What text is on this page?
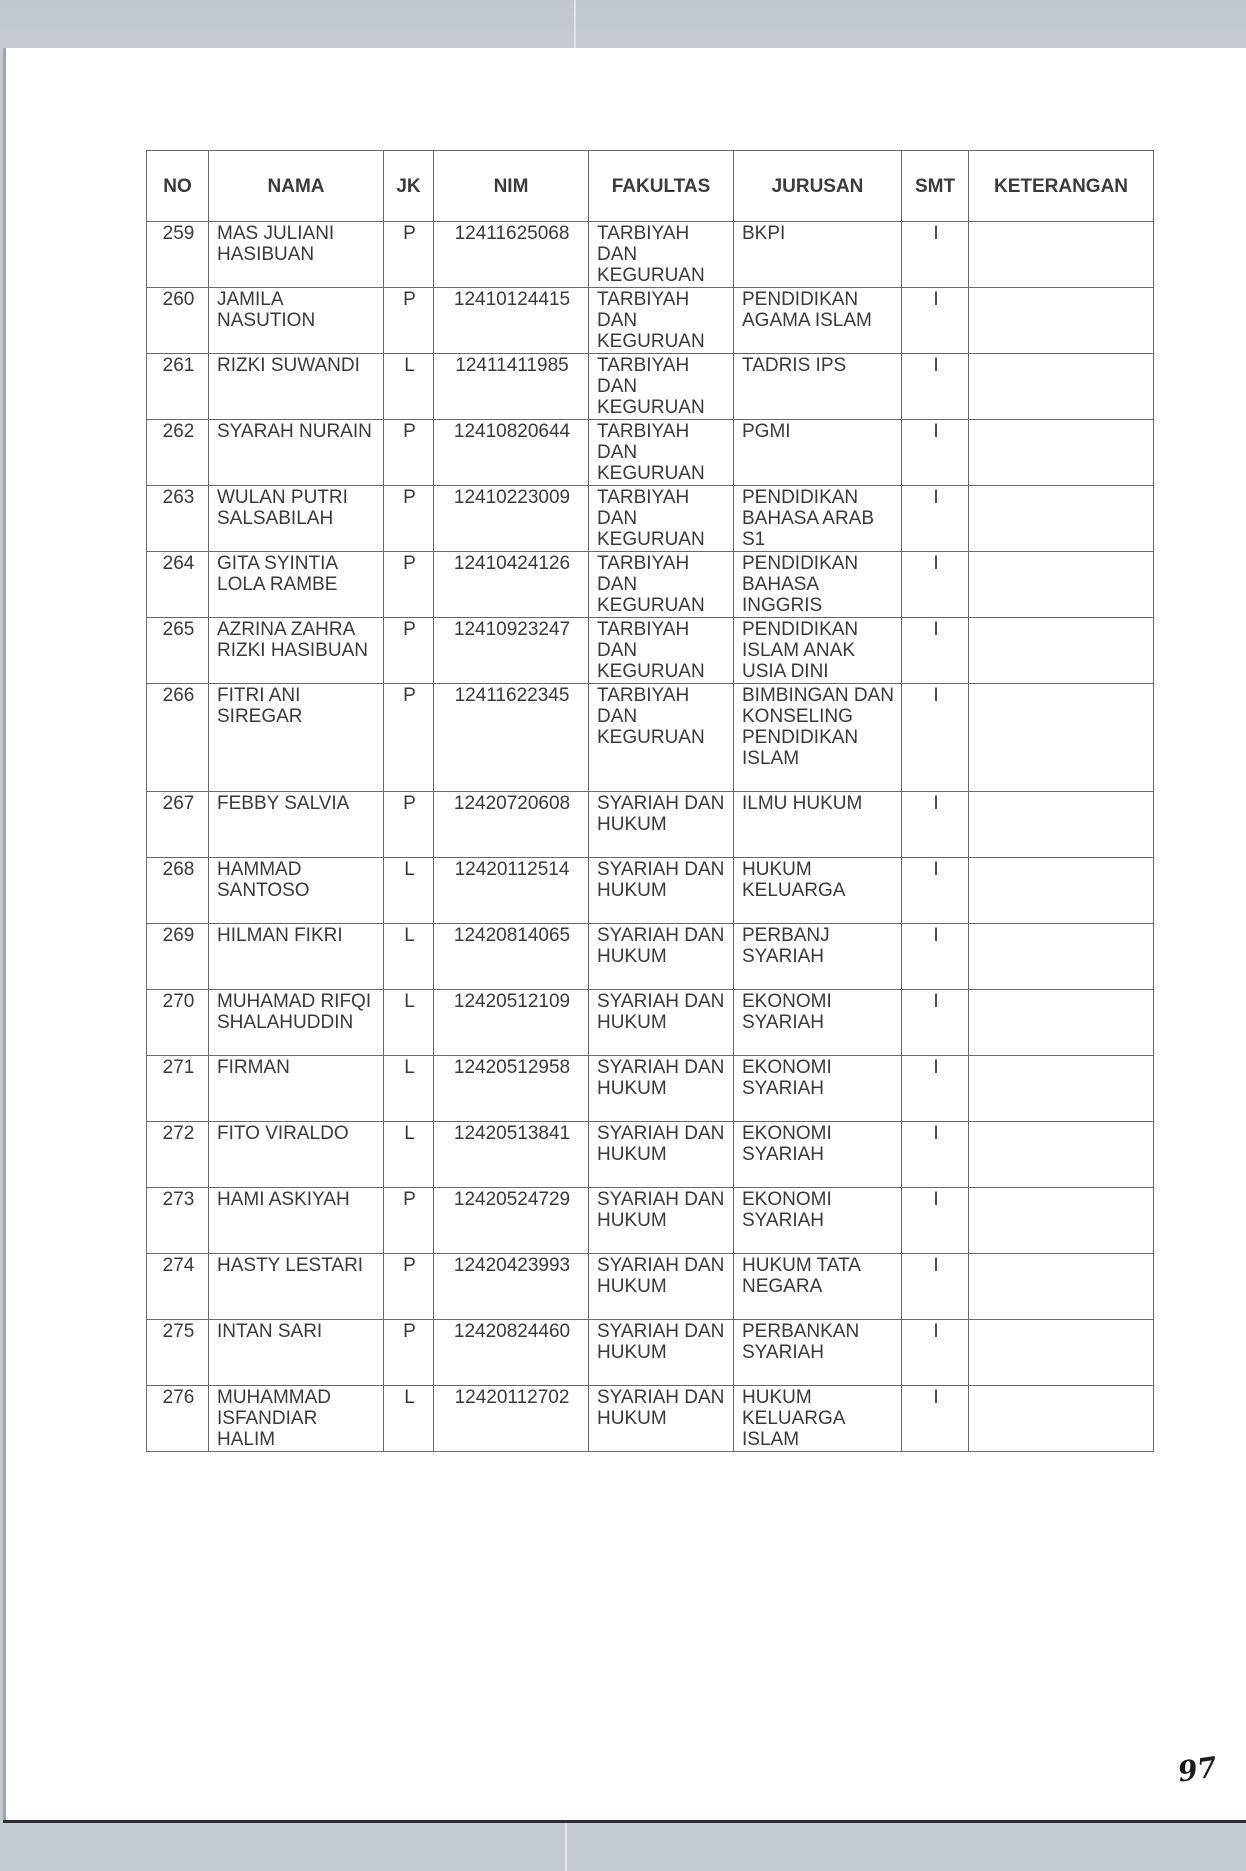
NO	NAMA	JK	NIM	FAKULTAS	JURUSAN	SMT	KETERANGAN
259	MAS JULIANI HASIBUAN	P	12411625068	TARBIYAH DAN KEGURUAN	BKPI	I	
260	JAMILA NASUTION	P	12410124415	TARBIYAH DAN KEGURUAN	PENDIDIKAN AGAMA ISLAM	I	
261	RIZKI SUWANDI	L	12411411985	TARBIYAH DAN KEGURUAN	TADRIS IPS	I	
262	SYARAH NURAIN	P	12410820644	TARBIYAH DAN KEGURUAN	PGMI	I	
263	WULAN PUTRI SALSABILAH	P	12410223009	TARBIYAH DAN KEGURUAN	PENDIDIKAN BAHASA ARAB S1	I	
264	GITA SYINTIA LOLA RAMBE	P	12410424126	TARBIYAH DAN KEGURUAN	PENDIDIKAN BAHASA INGGRIS	I	
265	AZRINA ZAHRA RIZKI HASIBUAN	P	12410923247	TARBIYAH DAN KEGURUAN	PENDIDIKAN ISLAM ANAK USIA DINI	I	
266	FITRI ANI SIREGAR	P	12411622345	TARBIYAH DAN KEGURUAN	BIMBINGAN DAN KONSELING PENDIDIKAN ISLAM	I	
267	FEBBY SALVIA	P	12420720608	SYARIAH DAN HUKUM	ILMU HUKUM	I	
268	HAMMAD SANTOSO	L	12420112514	SYARIAH DAN HUKUM	HUKUM KELUARGA	I	
269	HILMAN FIKRI	L	12420814065	SYARIAH DAN HUKUM	PERBANJ SYARIAH	I	
270	MUHAMAD RIFQI SHALAHUDDIN	L	12420512109	SYARIAH DAN HUKUM	EKONOMI SYARIAH	I	
271	FIRMAN	L	12420512958	SYARIAH DAN HUKUM	EKONOMI SYARIAH	I	
272	FITO VIRALDO	L	12420513841	SYARIAH DAN HUKUM	EKONOMI SYARIAH	I	
273	HAMI ASKIYAH	P	12420524729	SYARIAH DAN HUKUM	EKONOMI SYARIAH	I	
274	HASTY LESTARI	P	12420423993	SYARIAH DAN HUKUM	HUKUM TATA NEGARA	I	
275	INTAN SARI	P	12420824460	SYARIAH DAN HUKUM	PERBANKAN SYARIAH	I	
276	MUHAMMAD ISFANDIAR HALIM	L	12420112702	SYARIAH DAN HUKUM	HUKUM KELUARGA ISLAM	I	
97
